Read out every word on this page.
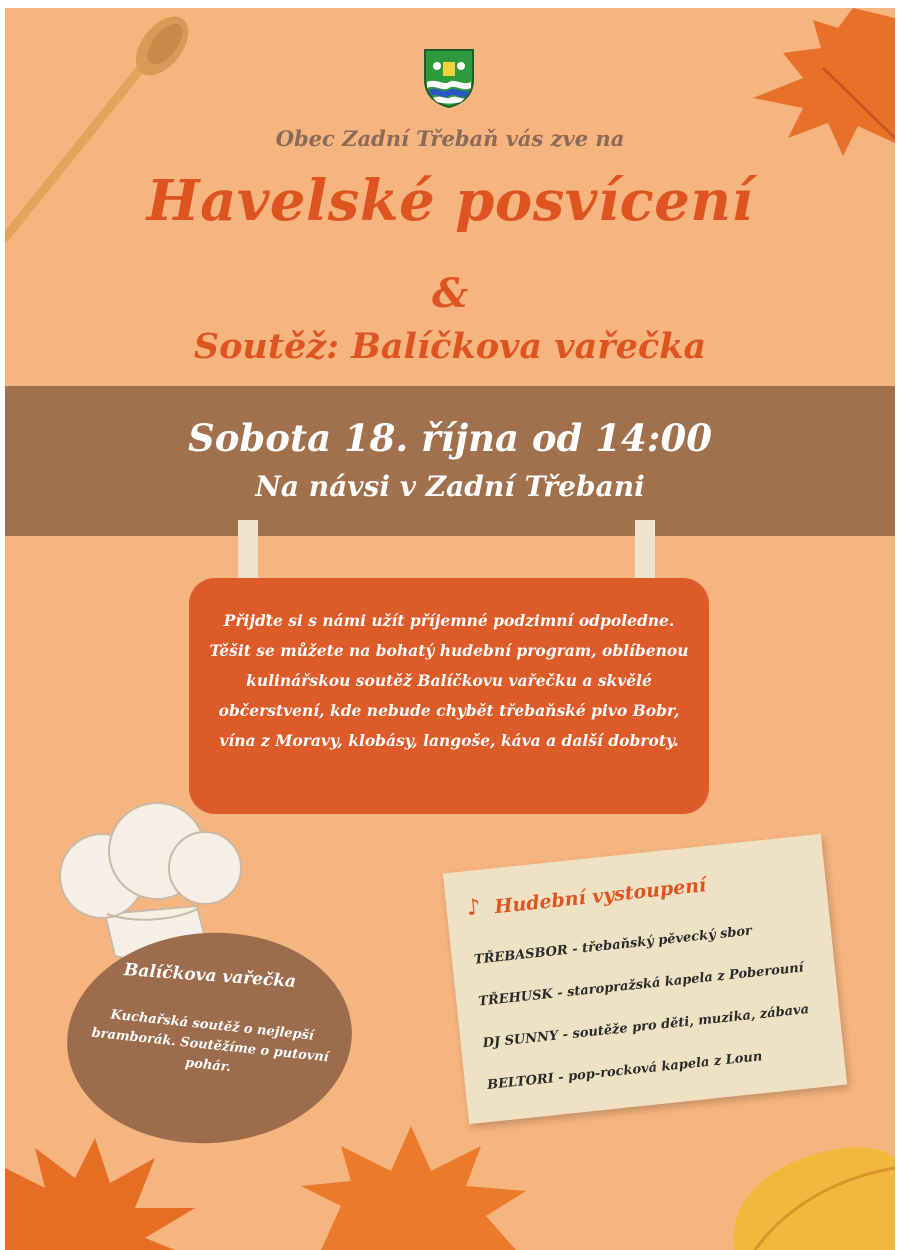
Obec Zadní Třebaň vás zve na
Havelské posvícení
&
Soutěž: Balíčkova vařečka
Sobota 18. října od 14:00
Na návsi v Zadní Třebani
Přijďte si s námi užít příjemné podzimní odpoledne. Těšit se můžete na bohatý hudební program, oblíbenou kulinářskou soutěž Balíčkovu vařečku a skvělé občerstvení, kde nebude chybět třebaňské pivo Bobr, vína z Moravy, klobásy, langoše, káva a další dobroty.
Balíčkova vařečka
Kuchařská soutěž o nejlepší bramborák. Soutěžíme o putovní pohár.
♪ Hudební vystoupení
TŘEBASBOR - třebaňský pěvecký sbor
TŘEHUSK - staropražská kapela z Poberouní
DJ SUNNY - soutěže pro děti, muzika, zábava
BELTORI - pop-rocková kapela z Loun
